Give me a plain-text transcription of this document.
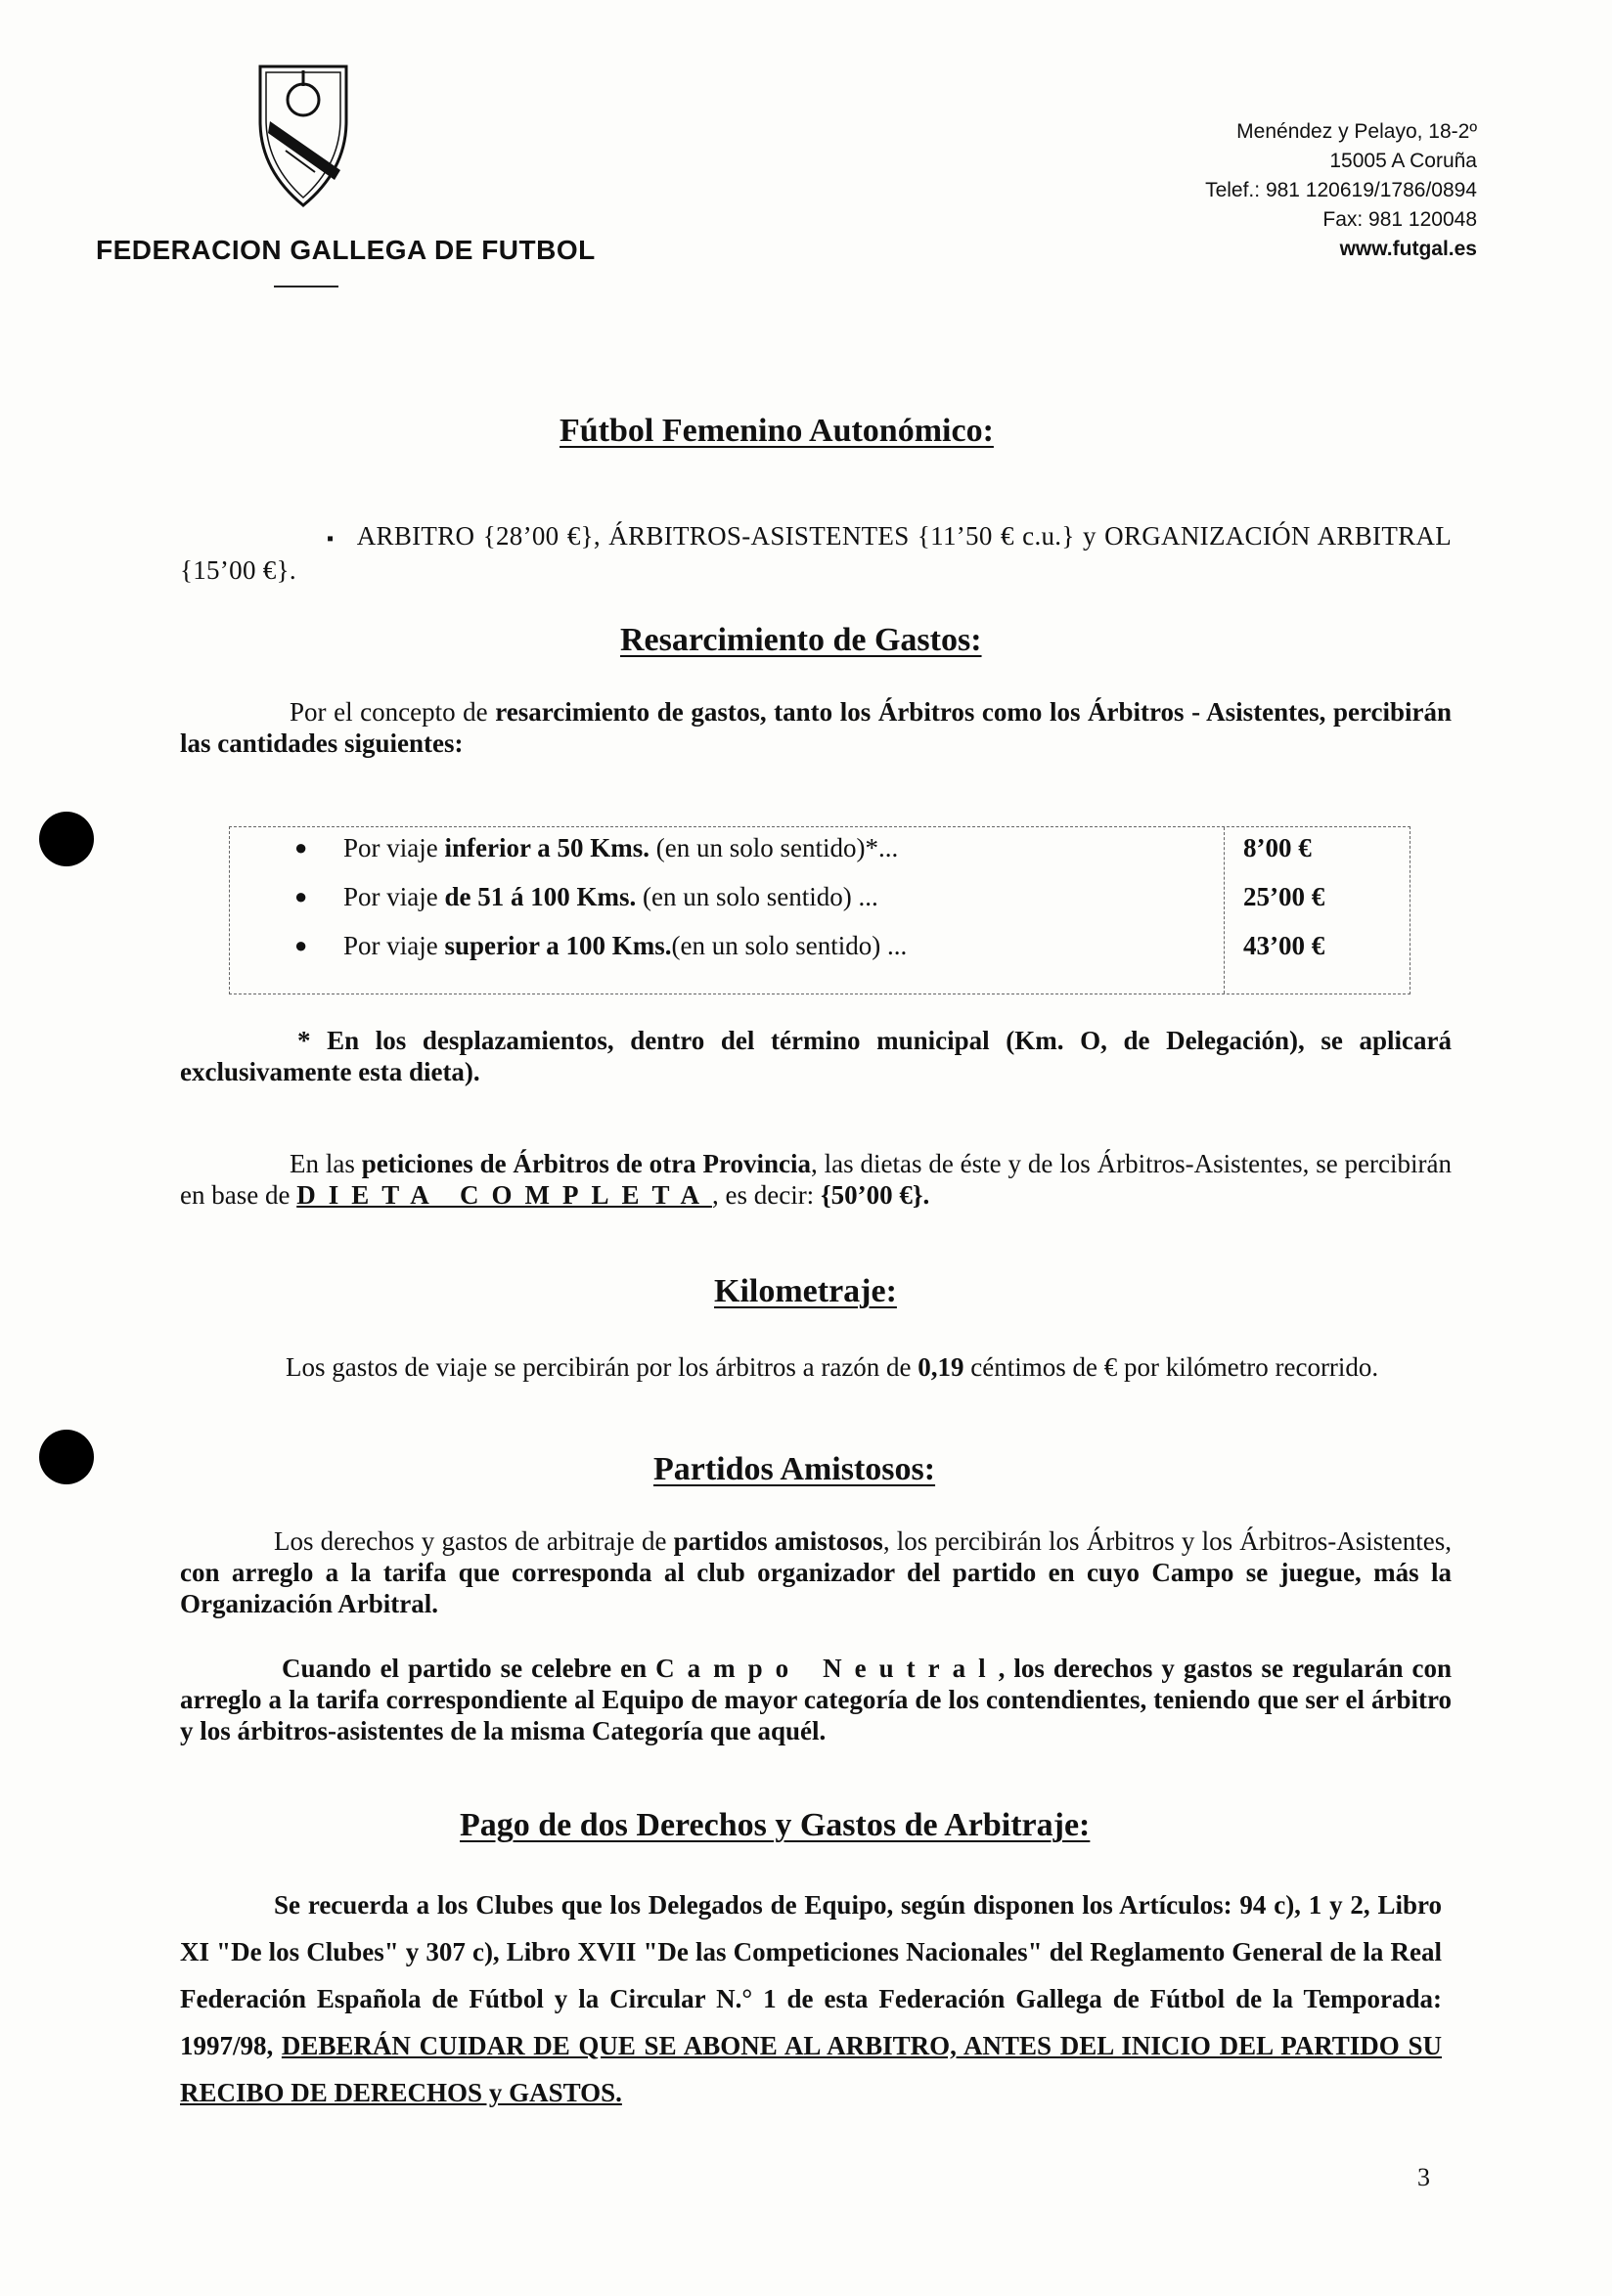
FEDERACION GALLEGA DE FUTBOL
Menéndez y Pelayo, 18-2º
15005 A Coruña
Telef.: 981 120619/1786/0894
Fax: 981 120048
www.futgal.es
Fútbol Femenino Autonómico:

▪ ARBITRO {28’00 €}, ÁRBITROS-ASISTENTES {11’50 € c.u.} y ORGANIZACIÓN ARBITRAL {15’00 €}.

Resarcimiento de Gastos:

Por el concepto de resarcimiento de gastos, tanto los Árbitros como los Árbitros - Asistentes, percibirán las cantidades siguientes:

● Por viaje inferior a 50 Kms. (en un solo sentido)*...	8’00 €
● Por viaje de 51 á 100 Kms. (en un solo sentido) ...	25’00 €
● Por viaje superior a 100 Kms.(en un solo sentido) ...	43’00 €

* En los desplazamientos, dentro del término municipal (Km. O, de Delegación), se aplicará exclusivamente esta dieta).

En las peticiones de Árbitros de otra Provincia, las dietas de éste y de los Árbitros-Asistentes, se percibirán en base de DIETA COMPLETA, es decir: {50’00 €}.

Kilometraje:

Los gastos de viaje se percibirán por los árbitros a razón de 0,19 céntimos de € por kilómetro recorrido.

Partidos Amistosos:

Los derechos y gastos de arbitraje de partidos amistosos, los percibirán los Árbitros y los Árbitros-Asistentes, con arreglo a la tarifa que corresponda al club organizador del partido en cuyo Campo se juegue, más la Organización Arbitral.

Cuando el partido se celebre en Campo Neutral, los derechos y gastos se regularán con arreglo a la tarifa correspondiente al Equipo de mayor categoría de los contendientes, teniendo que ser el árbitro y los árbitros-asistentes de la misma Categoría que aquél.

Pago de dos Derechos y Gastos de Arbitraje:

Se recuerda a los Clubes que los Delegados de Equipo, según disponen los Artículos: 94 c), 1 y 2, Libro XI "De los Clubes" y 307 c), Libro XVII "De las Competiciones Nacionales" del Reglamento General de la Real Federación Española de Fútbol y la Circular N.° 1 de esta Federación Gallega de Fútbol de la Temporada: 1997/98, DEBERÁN CUIDAR DE QUE SE ABONE AL ARBITRO, ANTES DEL INICIO DEL PARTIDO SU RECIBO DE DERECHOS y GASTOS.

3
